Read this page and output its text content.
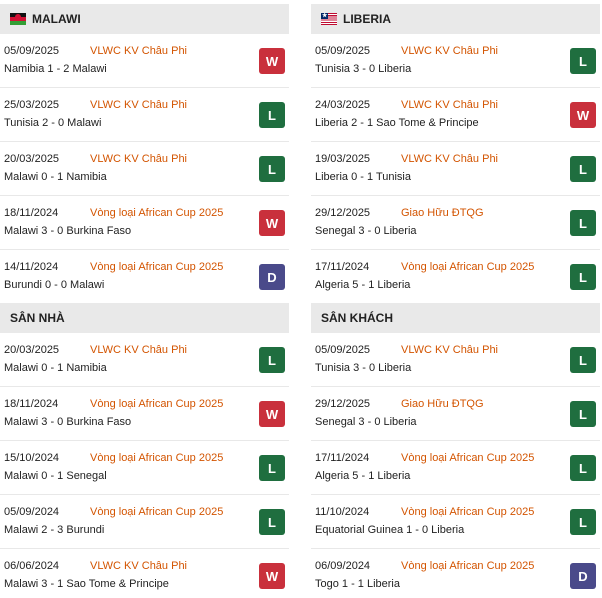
MALAWI
05/09/2025	VLWC KV Châu Phi
Namibia 1 - 2 Malawi
W
25/03/2025	VLWC KV Châu Phi
Tunisia 2 - 0 Malawi
L
20/03/2025	VLWC KV Châu Phi
Malawi 0 - 1 Namibia
L
18/11/2024	Vòng loại African Cup 2025
Malawi 3 - 0 Burkina Faso
W
14/11/2024	Vòng loại African Cup 2025
Burundi 0 - 0 Malawi
D
★
LIBERIA
05/09/2025	VLWC KV Châu Phi
Tunisia 3 - 0 Liberia
L
24/03/2025	VLWC KV Châu Phi
Liberia 2 - 1 Sao Tome & Principe
W
19/03/2025	VLWC KV Châu Phi
Liberia 0 - 1 Tunisia
L
29/12/2025	Giao Hữu ĐTQG
Senegal 3 - 0 Liberia
L
17/11/2024	Vòng loại African Cup 2025
Algeria 5 - 1 Liberia
L
SÂN NHÀ
20/03/2025	VLWC KV Châu Phi
Malawi 0 - 1 Namibia
L
18/11/2024	Vòng loại African Cup 2025
Malawi 3 - 0 Burkina Faso
W
15/10/2024	Vòng loại African Cup 2025
Malawi 0 - 1 Senegal
L
05/09/2024	Vòng loại African Cup 2025
Malawi 2 - 3 Burundi
L
06/06/2024	VLWC KV Châu Phi
Malawi 3 - 1 Sao Tome & Principe
W
SÂN KHÁCH
05/09/2025	VLWC KV Châu Phi
Tunisia 3 - 0 Liberia
L
29/12/2025	Giao Hữu ĐTQG
Senegal 3 - 0 Liberia
L
17/11/2024	Vòng loại African Cup 2025
Algeria 5 - 1 Liberia
L
11/10/2024	Vòng loại African Cup 2025
Equatorial Guinea 1 - 0 Liberia
L
06/09/2024	Vòng loại African Cup 2025
Togo 1 - 1 Liberia
D
